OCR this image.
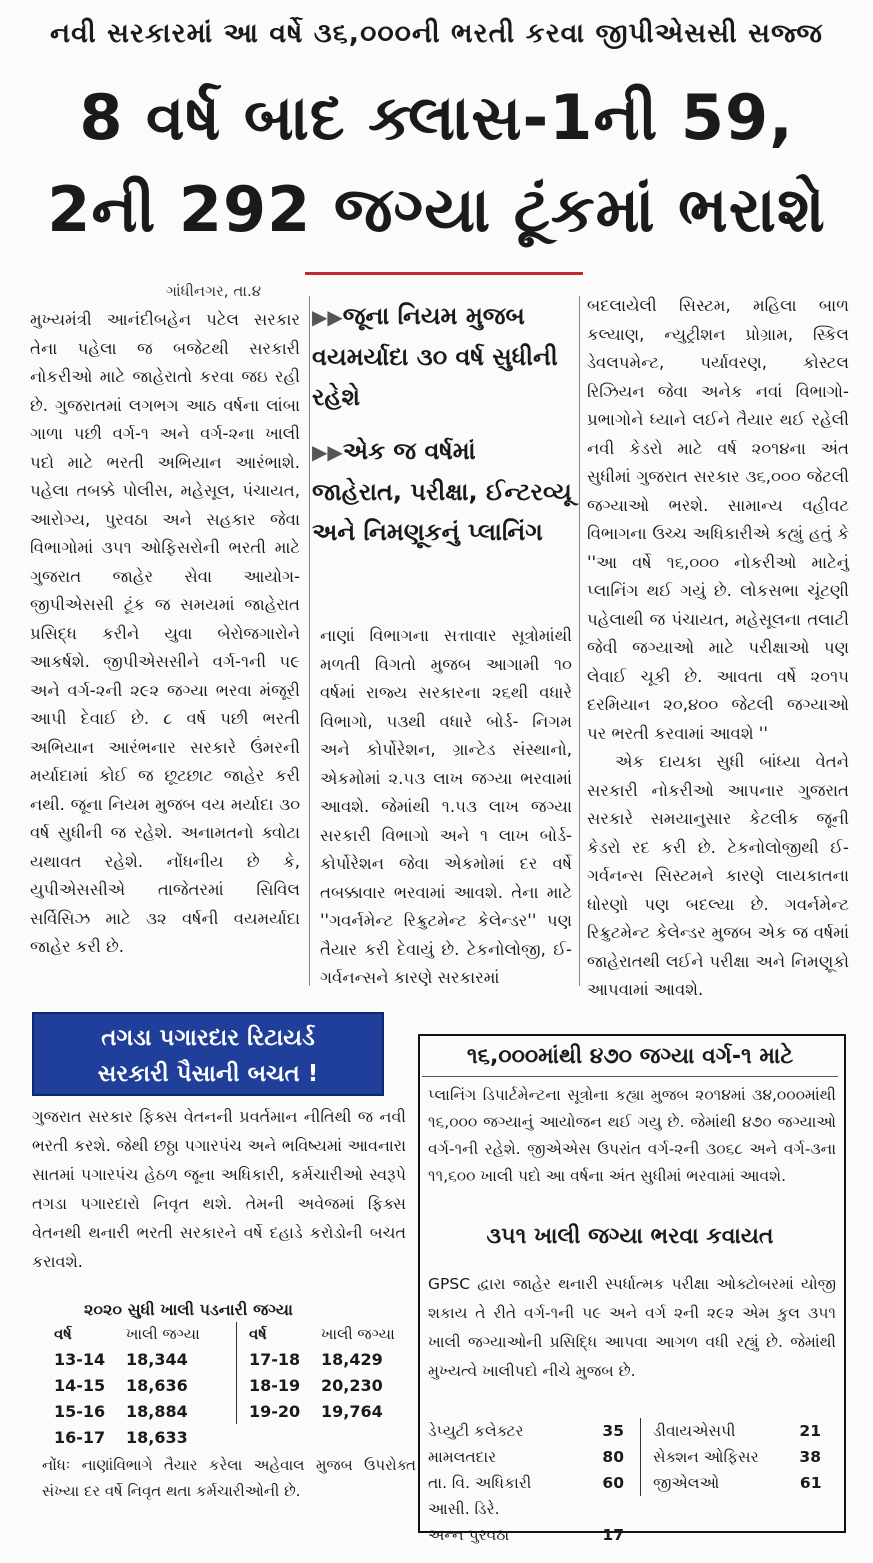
નવી સરકારમાં આ વર્ષે ૩૬,૦૦૦ની ભરતી કરવા જીપીએસસી સજ્જ
8 વર્ષ બાદ ક્લાસ-1ની 59,
2ની 292 જગ્યા ટૂંકમાં ભરાશે
ગાંધીનગર, તા.૪

મુખ્યમંત્રી આનંદીબહેન પટેલ સરકાર તેના પહેલા જ બજેટથી સરકારી નોકરીઓ માટે જાહેરાતો કરવા જઇ રહી છે. ગુજરાતમાં લગભગ આઠ વર્ષના લાંબા ગાળા પછી વર્ગ-૧ અને વર્ગ-૨ના ખાલી પદો માટે ભરતી અભિયાન આરંભાશે. પહેલા તબક્કે પોલીસ, મહેસૂલ, પંચાયત, આરોગ્ય, પુરવઠા અને સહકાર જેવા વિભાગોમાં ૩૫૧ ઓફિસરોની ભરતી માટે ગુજરાત જાહેર સેવા આયોગ- જીપીએસસી ટૂંક જ સમયમાં જાહેરાત પ્રસિદ્ધ કરીને યુવા બેરોજગારોને આકર્ષશે. જીપીએસસીને વર્ગ-૧ની ૫૯ અને વર્ગ-૨ની ૨૯૨ જગ્યા ભરવા મંજૂરી આપી દેવાઈ છે. ૮ વર્ષ પછી ભરતી અભિયાન આરંભનાર સરકારે ઉંમરની મર્યાદામાં કોઈ જ છૂટછાટ જાહેર કરી નથી. જૂના નિયમ મુજબ વય મર્યાદા ૩૦ વર્ષ સુધીની જ રહેશે. અનામતનો ક્વોટા યથાવત રહેશે. નોંધનીય છે કે, યુપીએસસીએ તાજેતરમાં સિવિલ સર્વિસિઝ માટે ૩૨ વર્ષની વયમર્યાદા જાહેર કરી છે.

▶▶જૂના નિયમ મુજબ વયમર્યાદા ૩૦ વર્ષ સુધીની રહેશે
▶▶એક જ વર્ષમાં જાહેરાત, પરીક્ષા, ઈન્ટરવ્યૂ અને નિમણૂકનું પ્લાનિંગ

નાણાં વિભાગના સત્તાવાર સૂત્રોમાંથી મળતી વિગતો મુજબ આગામી ૧૦ વર્ષમાં રાજ્ય સરકારના ૨૬થી વધારે વિભાગો, ૫૩થી વધારે બોર્ડ- નિગમ અને કોર્પોરેશન, ગ્રાન્ટેડ સંસ્થાનો, એકમોમાં ૨.૫૩ લાખ જગ્યા ભરવામાં આવશે. જેમાંથી ૧.૫૩ લાખ જગ્યા સરકારી વિભાગો અને ૧ લાખ બોર્ડ- કોર્પોરેશન જેવા એકમોમાં દર વર્ષે તબક્કાવાર ભરવામાં આવશે. તેના માટે ''ગવર્નમેન્ટ રિક્રુટમેન્ટ કેલેન્ડર'' પણ તૈયાર કરી દેવાયું છે. ટેકનોલોજી, ઈ-ગર્વનન્સને કારણે સરકારમાં

બદલાયેલી સિસ્ટમ, મહિલા બાળ કલ્યાણ, ન્યુટ્રીશન પ્રોગ્રામ, સ્કિલ ડેવલપમેન્ટ, પર્યાવરણ, કોસ્ટલ રિઝિયન જેવા અનેક નવાં વિભાગો-પ્રભાગોને ધ્યાને લઈને તૈયાર થઈ રહેલી નવી કેડરો માટે વર્ષ ૨૦૧૪ના અંત સુધીમાં ગુજરાત સરકાર ૩૬,૦૦૦ જેટલી જગ્યાઓ ભરશે. સામાન્ય વહીવટ વિભાગના ઉચ્ચ અધિકારીએ કહ્યું હતું કે ''આ વર્ષે ૧૬,૦૦૦ નોકરીઓ માટેનું પ્લાનિંગ થઈ ગયું છે. લોકસભા ચૂંટણી પહેલાથી જ પંચાયત, મહેસૂલના તલાટી જેવી જગ્યાઓ માટે પરીક્ષાઓ પણ લેવાઈ ચૂકી છે. આવતા વર્ષે ૨૦૧૫ દરમિયાન ૨૦,૪૦૦ જેટલી જગ્યાઓ પર ભરતી કરવામાં આવશે ''

એક દાયકા સુધી બાંધ્યા વેતને સરકારી નોકરીઓ આપનાર ગુજરાત સરકારે સમયાનુસાર કેટલીક જૂની કેડરો રદ કરી છે. ટેકનોલોજીથી ઈ-ગર્વનન્સ સિસ્ટમને કારણે લાયકાતના ધોરણો પણ બદલ્યા છે. ગવર્નમેન્ટ રિક્રુટમેન્ટ કેલેન્ડર મુજબ એક જ વર્ષમાં જાહેરાતથી લઈને પરીક્ષા અને નિમણૂકો આપવામાં આવશે.

તગડા પગારદાર રિટાયર્ડ
સરકારી પૈસાની બચત !
ગુજરાત સરકાર ફિક્સ વેતનની પ્રવર્તમાન નીતિથી જ નવી ભરતી કરશે. જેથી છઠ્ઠા પગારપંચ અને ભવિષ્યમાં આવનારા સાતમાં પગારપંચ હેઠળ જૂના અધિકારી, કર્મચારીઓ સ્વરૂપે તગડા પગારદારો નિવૃત થશે. તેમની અવેજમાં ફિક્સ વેતનથી થનારી ભરતી સરકારને વર્ષે દહાડે કરોડોની બચત કરાવશે.
૨૦૨૦ સુધી ખાલી પડનારી જગ્યા
વર્ષ	ખાલી જગ્યા
13-14	18,344
14-15	18,636
15-16	18,884
16-17	18,633
વર્ષ	ખાલી જગ્યા
17-18	18,429
18-19	20,230
19-20	19,764
નોંધઃ નાણાંવિભાગે તૈયાર કરેલા અહેવાલ મુજબ ઉપરોક્ત સંખ્યા દર વર્ષે નિવૃત થતા કર્મચારીઓની છે.
૧૬,૦૦૦માંથી ૪૭૦ જગ્યા વર્ગ-૧ માટે
પ્લાનિંગ ડિપાર્ટમેન્ટના સૂત્રોના કહ્યા મુજબ ૨૦૧૪માં ૩૪,૦૦૦માંથી ૧૬,૦૦૦ જગ્યાનું આયોજન થઈ ગયુ છે. જેમાંથી ૪૭૦ જગ્યાઓ વર્ગ-૧ની રહેશે. જીએએસ ઉપરાંત વર્ગ-૨ની ૩૦૬૮ અને વર્ગ-૩ના ૧૧,૬૦૦ ખાલી પદો આ વર્ષના અંત સુધીમાં ભરવામાં આવશે.
૩૫૧ ખાલી જગ્યા ભરવા કવાયત
GPSC દ્વારા જાહેર થનારી સ્પર્ધાત્મક પરીક્ષા ઓક્ટોબરમાં યોજી શકાય તે રીતે વર્ગ-૧ની ૫૯ અને વર્ગ ૨ની ૨૯૨ એમ કુલ ૩૫૧ ખાલી જગ્યાઓની પ્રસિદ્ધિ આપવા આગળ વધી રહ્યું છે. જેમાંથી મુખ્યત્વે ખાલીપદો નીચે મુજબ છે.
ડેપ્યુટી કલેક્ટર	35
મામલતદાર	80
તા. વિ. અધિકારી	60
આસી. ડિરે.	
અન્ન પુરવઠા	17
ડીવાયએસપી	21
સેક્શન ઓફિસર	38
જીએલઓ	61
